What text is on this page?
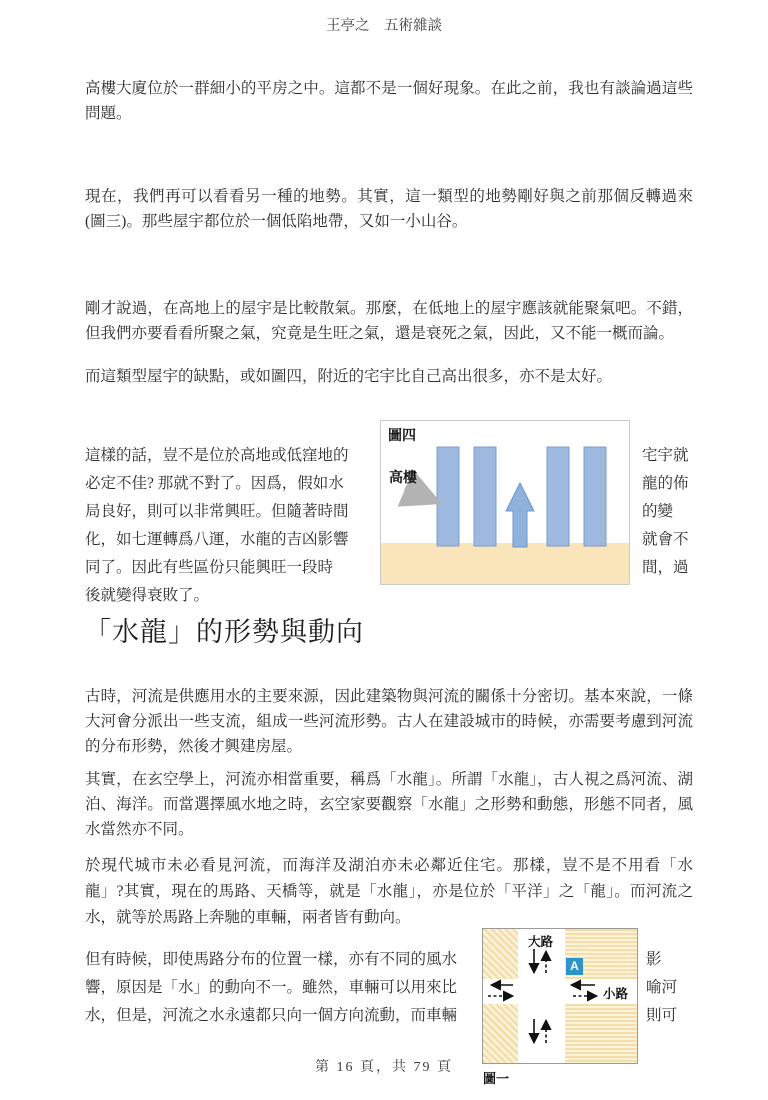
王亭之　五術雜談

高樓大廈位於一群細小的平房之中。這都不是一個好現象。在此之前，我也有談論過這些問題。

現在，我們再可以看看另一種的地勢。其實，這一類型的地勢剛好與之前那個反轉過來(圖三)。那些屋宇都位於一個低陷地帶，又如一小山谷。

剛才說過，在高地上的屋宇是比較散氣。那麼，在低地上的屋宇應該就能聚氣吧。不錯，但我們亦要看看所聚之氣，究竟是生旺之氣，還是衰死之氣，因此，又不能一概而論。

而這類型屋宇的缺點，或如圖四，附近的宅宇比自己高出很多，亦不是太好。

這樣的話，豈不是位於高地或低窪地的
必定不佳? 那就不對了。因爲，假如水
局良好，則可以非常興旺。但隨著時間
化，如七運轉爲八運，水龍的吉凶影響
同了。因此有些區份只能興旺一段時
後就變得衰敗了。
宅宇就
龍的佈
的變
就會不
間，過
圖四
高樓
「水龍」的形勢與動向

古時，河流是供應用水的主要來源，因此建築物與河流的關係十分密切。基本來說，一條大河會分派出一些支流，組成一些河流形勢。古人在建設城市的時候，亦需要考慮到河流的分布形勢，然後才興建房屋。

其實，在玄空學上，河流亦相當重要，稱爲「水龍」。所謂「水龍」，古人視之爲河流、湖泊、海洋。而當選擇風水地之時，玄空家要觀察「水龍」之形勢和動態，形態不同者，風水當然亦不同。

於現代城市未必看見河流，而海洋及湖泊亦未必鄰近住宅。那樣，豈不是不用看「水龍」?其實，現在的馬路、天橋等，就是「水龍」，亦是位於「平洋」之「龍」。而河流之水，就等於馬路上奔馳的車輛，兩者皆有動向。

但有時候，即使馬路分布的位置一樣，亦有不同的風水
響，原因是「水」的動向不一。雖然，車輛可以用來比
水，但是，河流之水永遠都只向一個方向流動，而車輛
影
喻河
則可
大路
小路
A
圖一
第 16 頁，共 79 頁
